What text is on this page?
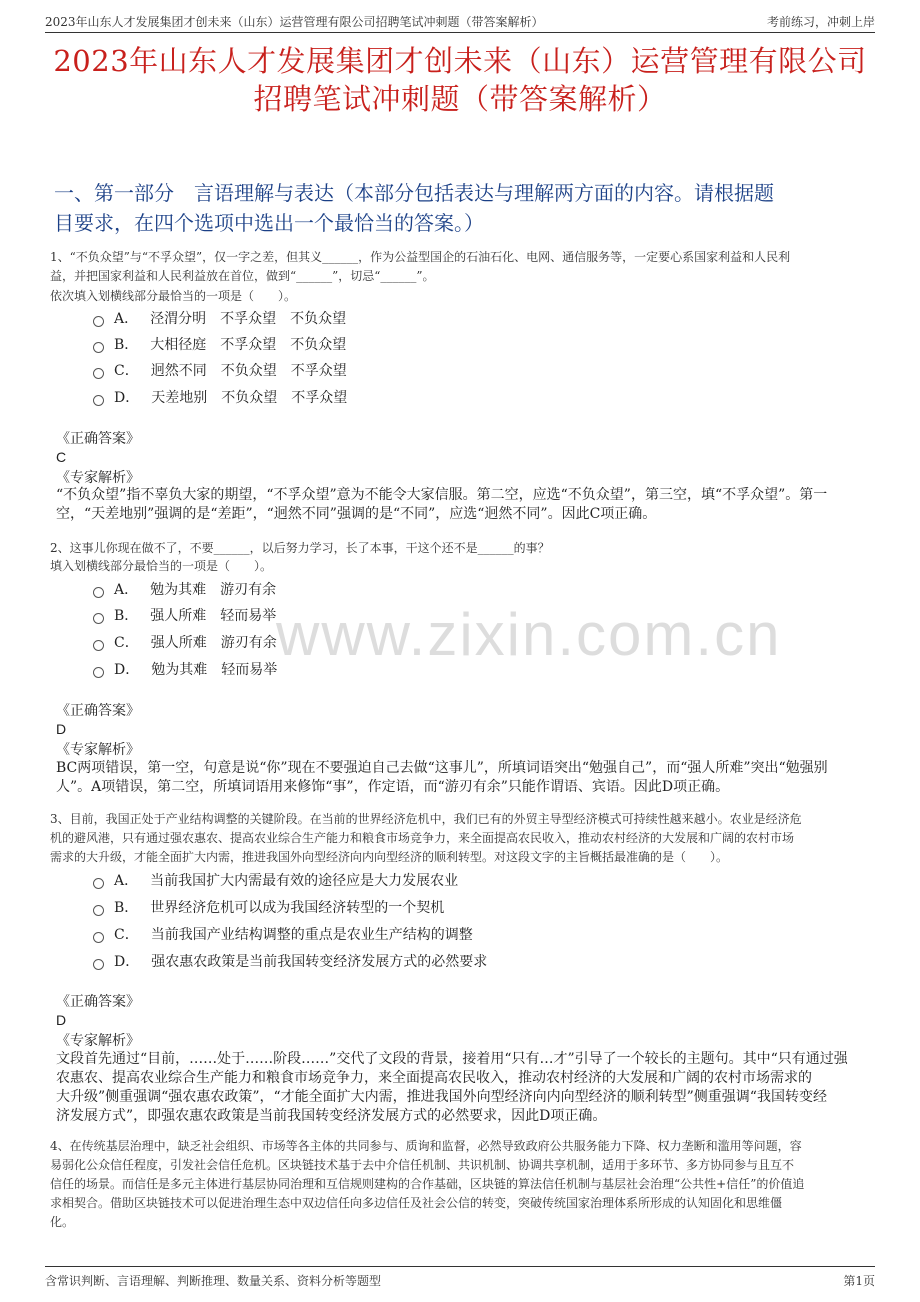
2023年山东人才发展集团才创未来（山东）运营管理有限公司招聘笔试冲刺题（带答案解析）	考前练习，冲刺上岸
2023年山东人才发展集团才创未来（山东）运营管理有限公司
招聘笔试冲刺题（带答案解析）
一、第一部分　言语理解与表达（本部分包括表达与理解两方面的内容。请根据题
目要求，在四个选项中选出一个最恰当的答案。）
1、“不负众望”与“不孚众望”，仅一字之差，但其义______，作为公益型国企的石油石化、电网、通信服务等，一定要心系国家利益和人民利
益，并把国家利益和人民利益放在首位，做到“______”，切忌“______”。
依次填入划横线部分最恰当的一项是（　　）。
A． 泾渭分明　不孚众望　不负众望
B． 大相径庭　不孚众望　不负众望
C． 迥然不同　不负众望　不孚众望
D． 天差地别　不负众望　不孚众望
《正确答案》
C
《专家解析》
“不负众望”指不辜负大家的期望，“不孚众望”意为不能令大家信服。第二空，应选“不负众望”，第三空，填“不孚众望”。第一
空，“天差地别”强调的是“差距”，“迥然不同”强调的是“不同”，应选“迥然不同”。因此C项正确。
2、这事儿你现在做不了，不要______，以后努力学习，长了本事，干这个还不是______的事？
填入划横线部分最恰当的一项是（　　）。
A． 勉为其难　游刃有余
B． 强人所难　轻而易举
C． 强人所难　游刃有余
D． 勉为其难　轻而易举
《正确答案》
D
《专家解析》
BC两项错误，第一空，句意是说“你”现在不要强迫自己去做“这事儿”，所填词语突出“勉强自己”，而“强人所难”突出“勉强别
人”。A项错误，第二空，所填词语用来修饰“事”，作定语，而“游刃有余”只能作谓语、宾语。因此D项正确。
3、目前，我国正处于产业结构调整的关键阶段。在当前的世界经济危机中，我们已有的外贸主导型经济模式可持续性越来越小。农业是经济危
机的避风港，只有通过强农惠农、提高农业综合生产能力和粮食市场竞争力，来全面提高农民收入，推动农村经济的大发展和广阔的农村市场
需求的大升级，才能全面扩大内需，推进我国外向型经济向内向型经济的顺利转型。对这段文字的主旨概括最准确的是（　　）。
A． 当前我国扩大内需最有效的途径应是大力发展农业
B． 世界经济危机可以成为我国经济转型的一个契机
C． 当前我国产业结构调整的重点是农业生产结构的调整
D． 强农惠农政策是当前我国转变经济发展方式的必然要求
《正确答案》
D
《专家解析》
文段首先通过“目前，……处于……阶段……”交代了文段的背景，接着用“只有…才”引导了一个较长的主题句。其中“只有通过强
农惠农、提高农业综合生产能力和粮食市场竞争力，来全面提高农民收入，推动农村经济的大发展和广阔的农村市场需求的
大升级”侧重强调“强农惠农政策”，“才能全面扩大内需，推进我国外向型经济向内向型经济的顺利转型”侧重强调“我国转变经
济发展方式”，即强农惠农政策是当前我国转变经济发展方式的必然要求，因此D项正确。
4、在传统基层治理中，缺乏社会组织、市场等各主体的共同参与、质询和监督，必然导致政府公共服务能力下降、权力垄断和滥用等问题，容
易弱化公众信任程度，引发社会信任危机。区块链技术基于去中介信任机制、共识机制、协调共享机制，适用于多环节、多方协同参与且互不
信任的场景。而信任是多元主体进行基层协同治理和互信规则建构的合作基础，区块链的算法信任机制与基层社会治理“公共性+信任”的价值追
求相契合。借助区块链技术可以促进治理生态中双边信任向多边信任及社会公信的转变，突破传统国家治理体系所形成的认知固化和思维僵
化。
www.zixin.com.cn
含常识判断、言语理解、判断推理、数量关系、资料分析等题型	第1页
